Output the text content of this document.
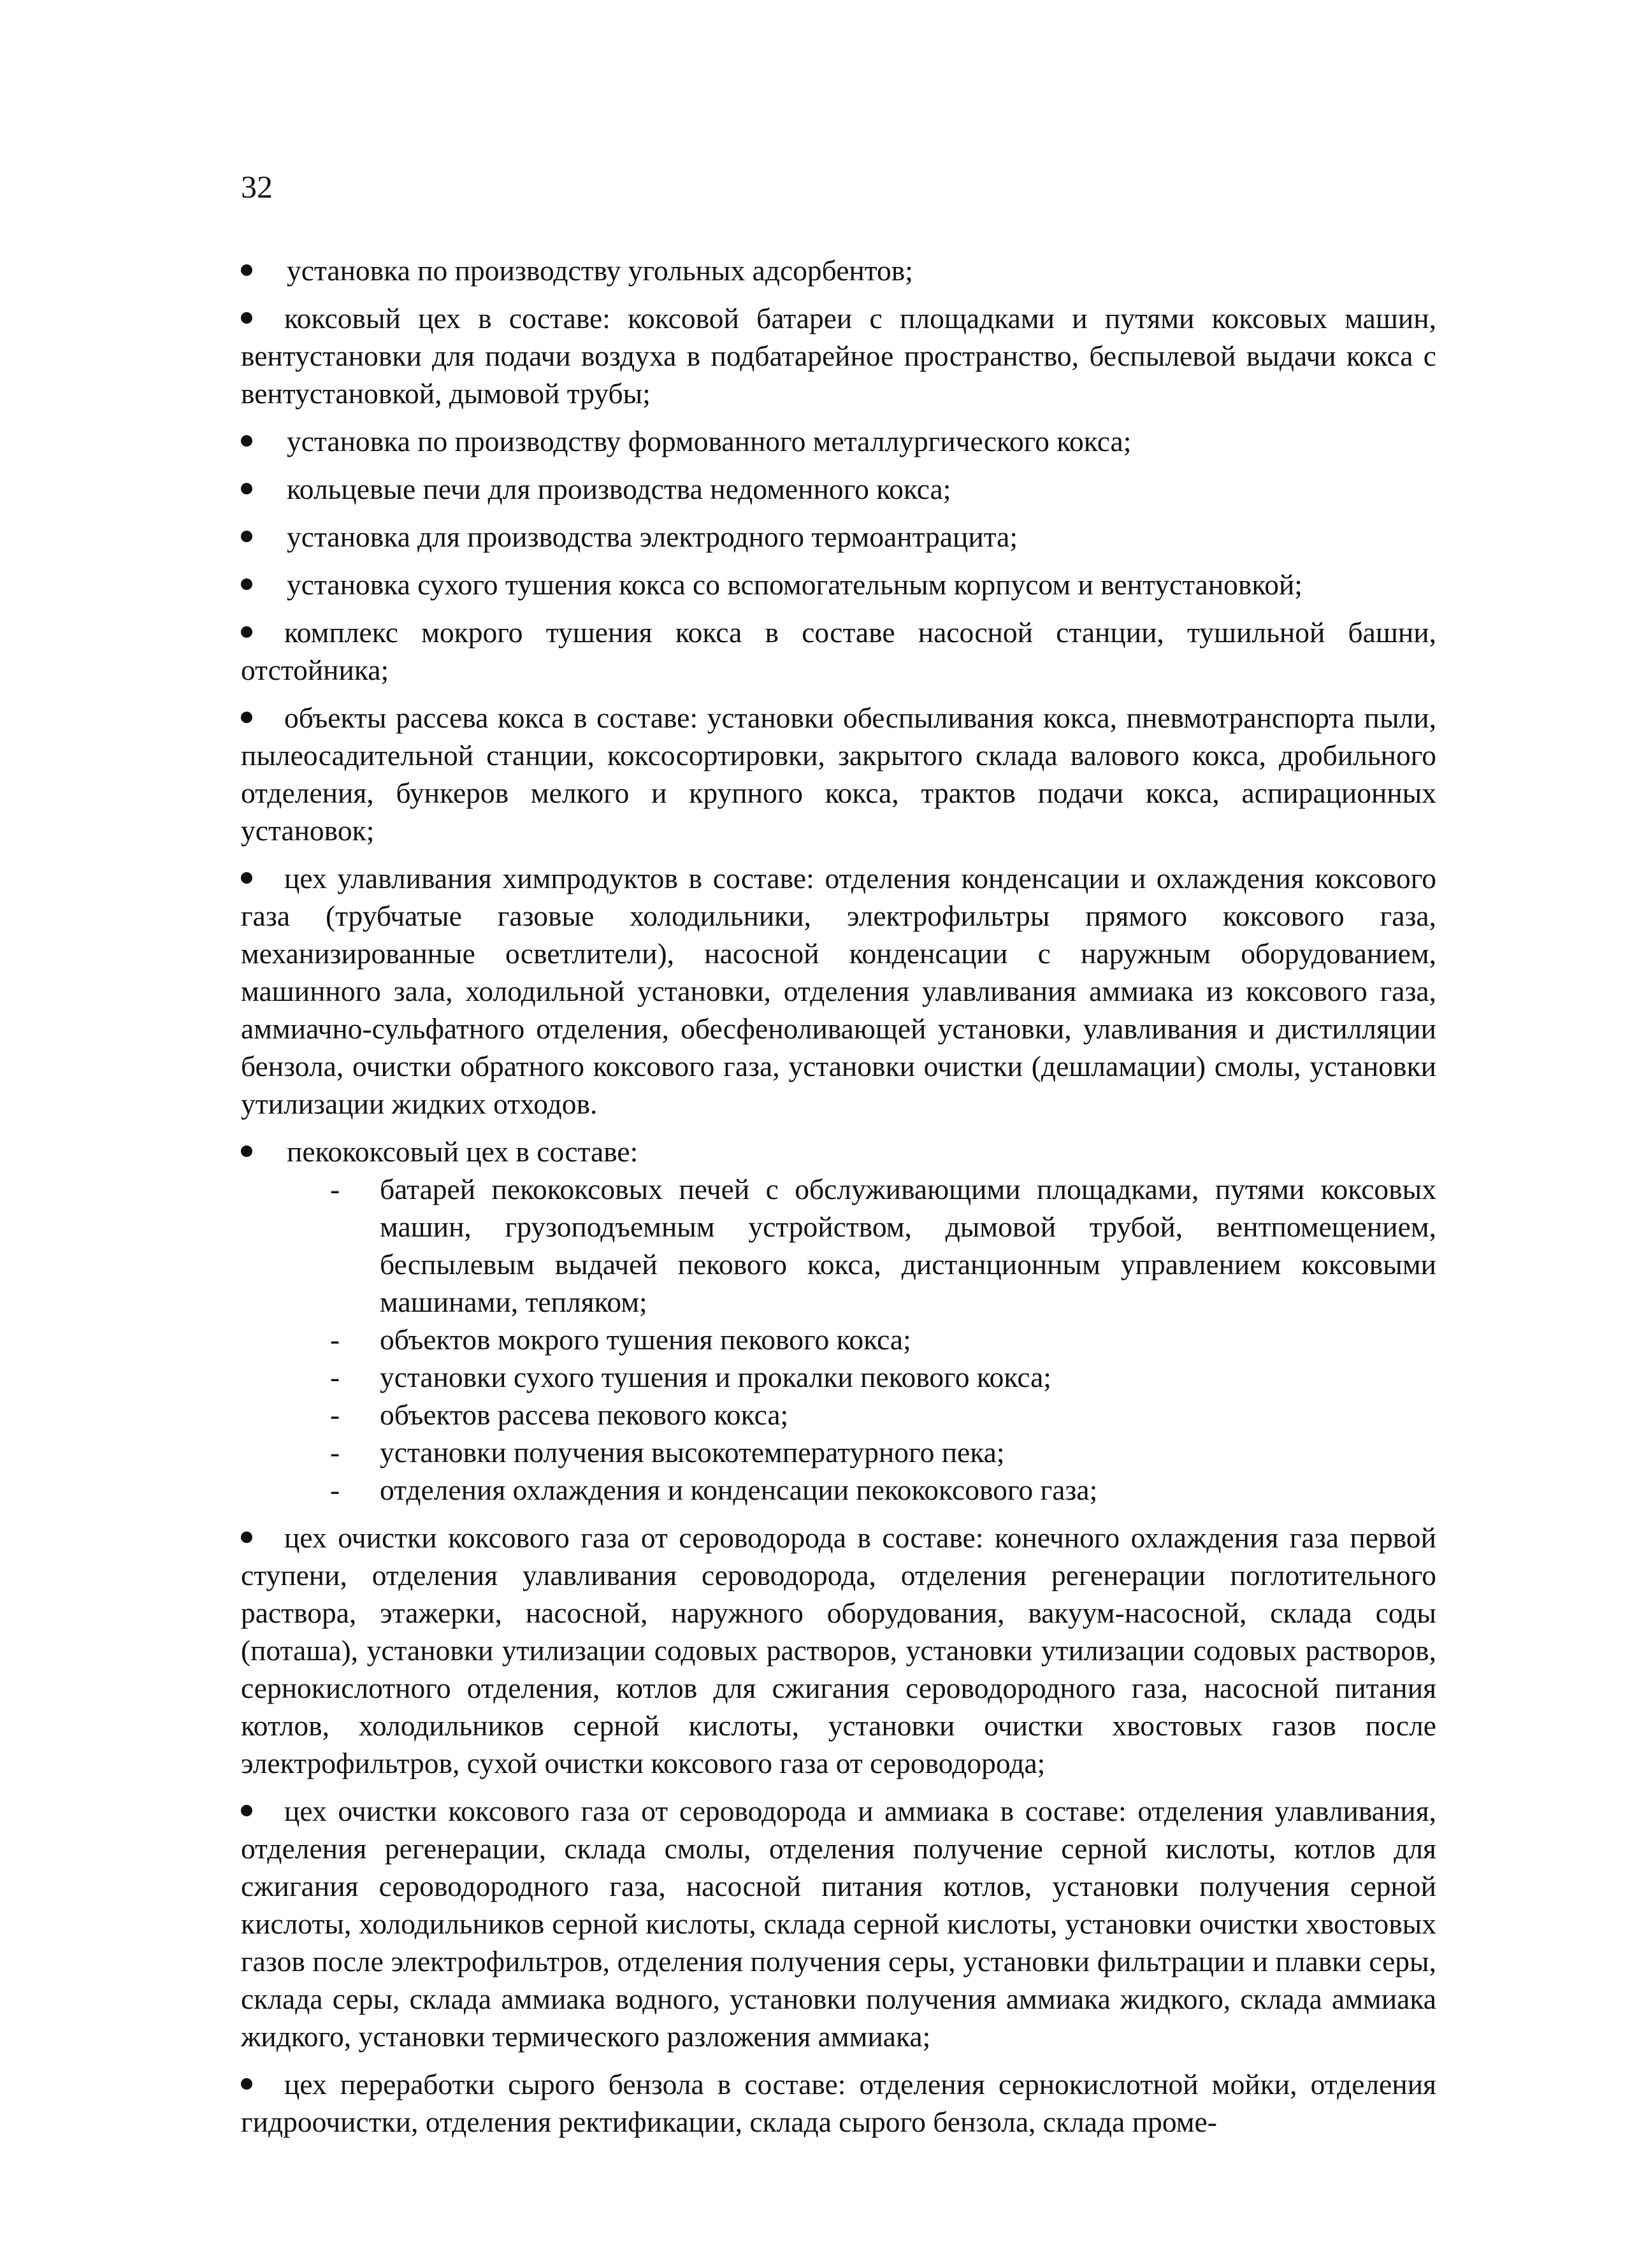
32

установка по производству угольных адсорбентов;

коксовый цех в составе: коксовой батареи с площадками и путями коксовых машин, вентустановки для подачи воздуха в подбатарейное пространство, беспылевой выдачи кокса с вентустановкой, дымовой трубы;

установка по производству формованного металлургического кокса;

кольцевые печи для производства недоменного кокса;

установка для производства электродного термоантрацита;

установка сухого тушения кокса со вспомогательным корпусом и вентустановкой;

комплекс мокрого тушения кокса в составе насосной станции, тушильной башни, отстойника;

объекты рассева кокса в составе: установки обеспыливания кокса, пневмотранспорта пыли, пылеосадительной станции, коксосортировки, закрытого склада валового кокса, дробильного отделения, бункеров мелкого и крупного кокса, трактов подачи кокса, аспирационных установок;

цех улавливания химпродуктов в составе: отделения конденсации и охлаждения коксового газа (трубчатые газовые холодильники, электрофильтры прямого коксового газа, механизированные осветлители), насосной конденсации с наружным оборудованием, машинного зала, холодильной установки, отделения улавливания аммиака из коксового газа, аммиачно-сульфатного отделения, обесфеноливающей установки, улавливания и дистилляции бензола, очистки обратного коксового газа, установки очистки (дешламации) смолы, установки утилизации жидких отходов.

пекококсовый цех в составе:

- батарей пекококсовых печей с обслуживающими площадками, путями коксовых машин, грузоподъемным устройством, дымовой трубой, вентпомещением, беспылевым выдачей пекового кокса, дистанционным управлением коксовыми машинами, тепляком;
- объектов мокрого тушения пекового кокса;
- установки сухого тушения и прокалки пекового кокса;
- объектов рассева пекового кокса;
- установки получения высокотемпературного пека;
- отделения охлаждения и конденсации пекококсового газа;

цех очистки коксового газа от сероводорода в составе: конечного охлаждения газа первой ступени, отделения улавливания сероводорода, отделения регенерации поглотительного раствора, этажерки, насосной, наружного оборудования, вакуум-насосной, склада соды (поташа), установки утилизации содовых растворов, установки утилизации содовых растворов, сернокислотного отделения, котлов для сжигания сероводородного газа, насосной питания котлов, холодильников серной кислоты, установки очистки хвостовых газов после электрофильтров, сухой очистки коксового газа от сероводорода;

цех очистки коксового газа от сероводорода и аммиака в составе: отделения улавливания, отделения регенерации, склада смолы, отделения получение серной кислоты, котлов для сжигания сероводородного газа, насосной питания котлов, установки получения серной кислоты, холодильников серной кислоты, склада серной кислоты, установки очистки хвостовых газов после электрофильтров, отделения получения серы, установки фильтрации и плавки серы, склада серы, склада аммиака водного, установки получения аммиака жидкого, склада аммиака жидкого, установки термического разложения аммиака;

цех переработки сырого бензола в составе: отделения сернокислотной мойки, отделения гидроочистки, отделения ректификации, склада сырого бензола, склада проме-
